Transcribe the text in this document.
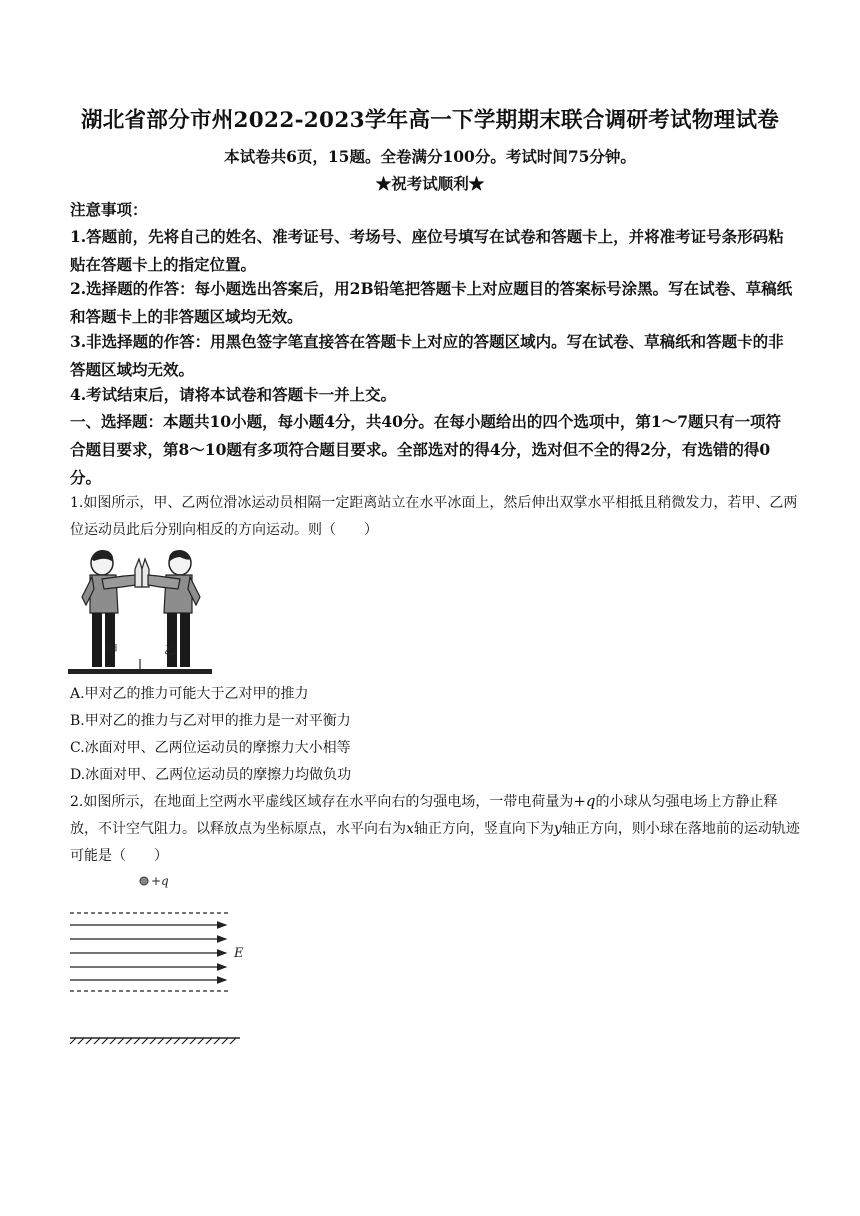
湖北省部分市州2022-2023学年高一下学期期末联合调研考试物理试卷
本试卷共6页，15题。全卷满分100分。考试时间75分钟。
★祝考试顺利★
注意事项：

1.答题前，先将自己的姓名、准考证号、考场号、座位号填写在试卷和答题卡上，并将准考证号条形码粘贴在答题卡上的指定位置。

2.选择题的作答：每小题选出答案后，用2B铅笔把答题卡上对应题目的答案标号涂黑。写在试卷、草稿纸和答题卡上的非答题区域均无效。

3.非选择题的作答：用黑色签字笔直接答在答题卡上对应的答题区域内。写在试卷、草稿纸和答题卡的非答题区域均无效。

4.考试结束后，请将本试卷和答题卡一并上交。

一、选择题：本题共10小题，每小题4分，共40分。在每小题给出的四个选项中，第1～7题只有一项符合题目要求，第8～10题有多项符合题目要求。全部选对的得4分，选对但不全的得2分，有选错的得0分。

1.如图所示，甲、乙两位滑冰运动员相隔一定距离站立在水平冰面上，然后伸出双掌水平相抵且稍微发力，若甲、乙两位运动员此后分别向相反的方向运动。则（　　）

甲	乙
A.甲对乙的推力可能大于乙对甲的推力
B.甲对乙的推力与乙对甲的推力是一对平衡力
C.冰面对甲、乙两位运动员的摩擦力大小相等
D.冰面对甲、乙两位运动员的摩擦力均做负功

2.如图所示，在地面上空两水平虚线区域存在水平向右的匀强电场，一带电荷量为+q的小球从匀强电场上方静止释放，不计空气阻力。以释放点为坐标原点，水平向右为x轴正方向，竖直向下为y轴正方向，则小球在落地前的运动轨迹可能是（　　）

+q
E
